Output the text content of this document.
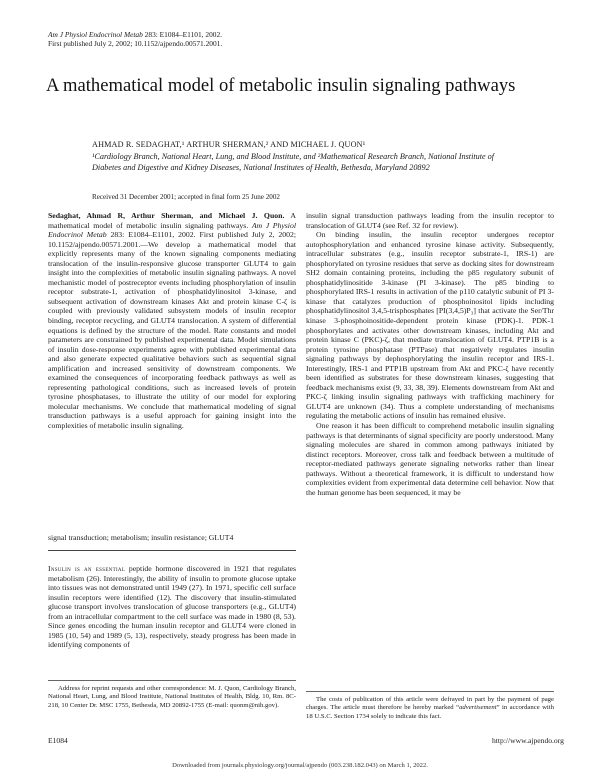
Am J Physiol Endocrinol Metab 283: E1084–E1101, 2002.
First published July 2, 2002; 10.1152/ajpendo.00571.2001.
A mathematical model of metabolic insulin signaling pathways
AHMAD R. SEDAGHAT,¹ ARTHUR SHERMAN,² AND MICHAEL J. QUON¹
¹Cardiology Branch, National Heart, Lung, and Blood Institute, and ²Mathematical Research Branch, National Institute of Diabetes and Digestive and Kidney Diseases, National Institutes of Health, Bethesda, Maryland 20892
Received 31 December 2001; accepted in final form 25 June 2002

Sedaghat, Ahmad R, Arthur Sherman, and Michael J. Quon. A mathematical model of metabolic insulin signaling pathways. Am J Physiol Endocrinol Metab 283: E1084–E1101, 2002. First published July 2, 2002; 10.1152/ajpendo.00571.2001.—We develop a mathematical model that explicitly represents many of the known signaling components mediating translocation of the insulin-responsive glucose transporter GLUT4 to gain insight into the complexities of metabolic insulin signaling pathways. A novel mechanistic model of postreceptor events including phosphorylation of insulin receptor substrate-1, activation of phosphatidylinositol 3-kinase, and subsequent activation of downstream kinases Akt and protein kinase C-ζ is coupled with previously validated subsystem models of insulin receptor binding, receptor recycling, and GLUT4 translocation. A system of differential equations is defined by the structure of the model. Rate constants and model parameters are constrained by published experimental data. Model simulations of insulin dose-response experiments agree with published experimental data and also generate expected qualitative behaviors such as sequential signal amplification and increased sensitivity of downstream components. We examined the consequences of incorporating feedback pathways as well as representing pathological conditions, such as increased levels of protein tyrosine phosphatases, to illustrate the utility of our model for exploring molecular mechanisms. We conclude that mathematical modeling of signal transduction pathways is a useful approach for gaining insight into the complexities of metabolic insulin signaling.

signal transduction; metabolism; insulin resistance; GLUT4

Insulin is an essential peptide hormone discovered in 1921 that regulates metabolism (26). Interestingly, the ability of insulin to promote glucose uptake into tissues was not demonstrated until 1949 (27). In 1971, specific cell surface insulin receptors were identified (12). The discovery that insulin-stimulated glucose transport involves translocation of glucose transporters (e.g., GLUT4) from an intracellular compartment to the cell surface was made in 1980 (8, 53). Since genes encoding the human insulin receptor and GLUT4 were cloned in 1985 (10, 54) and 1989 (5, 13), respectively, steady progress has been made in identifying components of

Address for reprint requests and other correspondence: M. J. Quon, Cardiology Branch, National Heart, Lung, and Blood Institute, National Institutes of Health, Bldg. 10, Rm. 8C-218, 10 Center Dr. MSC 1755, Bethesda, MD 20892-1755 (E-mail: quonm@nih.gov).

insulin signal transduction pathways leading from the insulin receptor to translocation of GLUT4 (see Ref. 32 for review).

On binding insulin, the insulin receptor undergoes receptor autophosphorylation and enhanced tyrosine kinase activity. Subsequently, intracellular substrates (e.g., insulin receptor substrate-1, IRS-1) are phosphorylated on tyrosine residues that serve as docking sites for downstream SH2 domain containing proteins, including the p85 regulatory subunit of phosphatidylinositide 3-kinase (PI 3-kinase). The p85 binding to phosphorylated IRS-1 results in activation of the p110 catalytic subunit of PI 3-kinase that catalyzes production of phosphoinositol lipids including phosphatidylinositol 3,4,5-trisphosphates [PI(3,4,5)P₃] that activate the Ser/Thr kinase 3-phosphoinositide-dependent protein kinase (PDK)-1. PDK-1 phosphorylates and activates other downstream kinases, including Akt and protein kinase C (PKC)-ζ, that mediate translocation of GLUT4. PTP1B is a protein tyrosine phosphatase (PTPase) that negatively regulates insulin signaling pathways by dephosphorylating the insulin receptor and IRS-1. Interestingly, IRS-1 and PTP1B upstream from Akt and PKC-ζ have recently been identified as substrates for these downstream kinases, suggesting that feedback mechanisms exist (9, 33, 38, 39). Elements downstream from Akt and PKC-ζ linking insulin signaling pathways with trafficking machinery for GLUT4 are unknown (34). Thus a complete understanding of mechanisms regulating the metabolic actions of insulin has remained elusive.

One reason it has been difficult to comprehend metabolic insulin signaling pathways is that determinants of signal specificity are poorly understood. Many signaling molecules are shared in common among pathways initiated by distinct receptors. Moreover, cross talk and feedback between a multitude of receptor-mediated pathways generate signaling networks rather than linear pathways. Without a theoretical framework, it is difficult to understand how complexities evident from experimental data determine cell behavior. Now that the human genome has been sequenced, it may be

The costs of publication of this article were defrayed in part by the payment of page charges. The article must therefore be hereby marked “advertisement” in accordance with 18 U.S.C. Section 1734 solely to indicate this fact.
E1084	http://www.ajpendo.org
Downloaded from journals.physiology.org/journal/ajpendo (003.238.182.043) on March 1, 2022.
